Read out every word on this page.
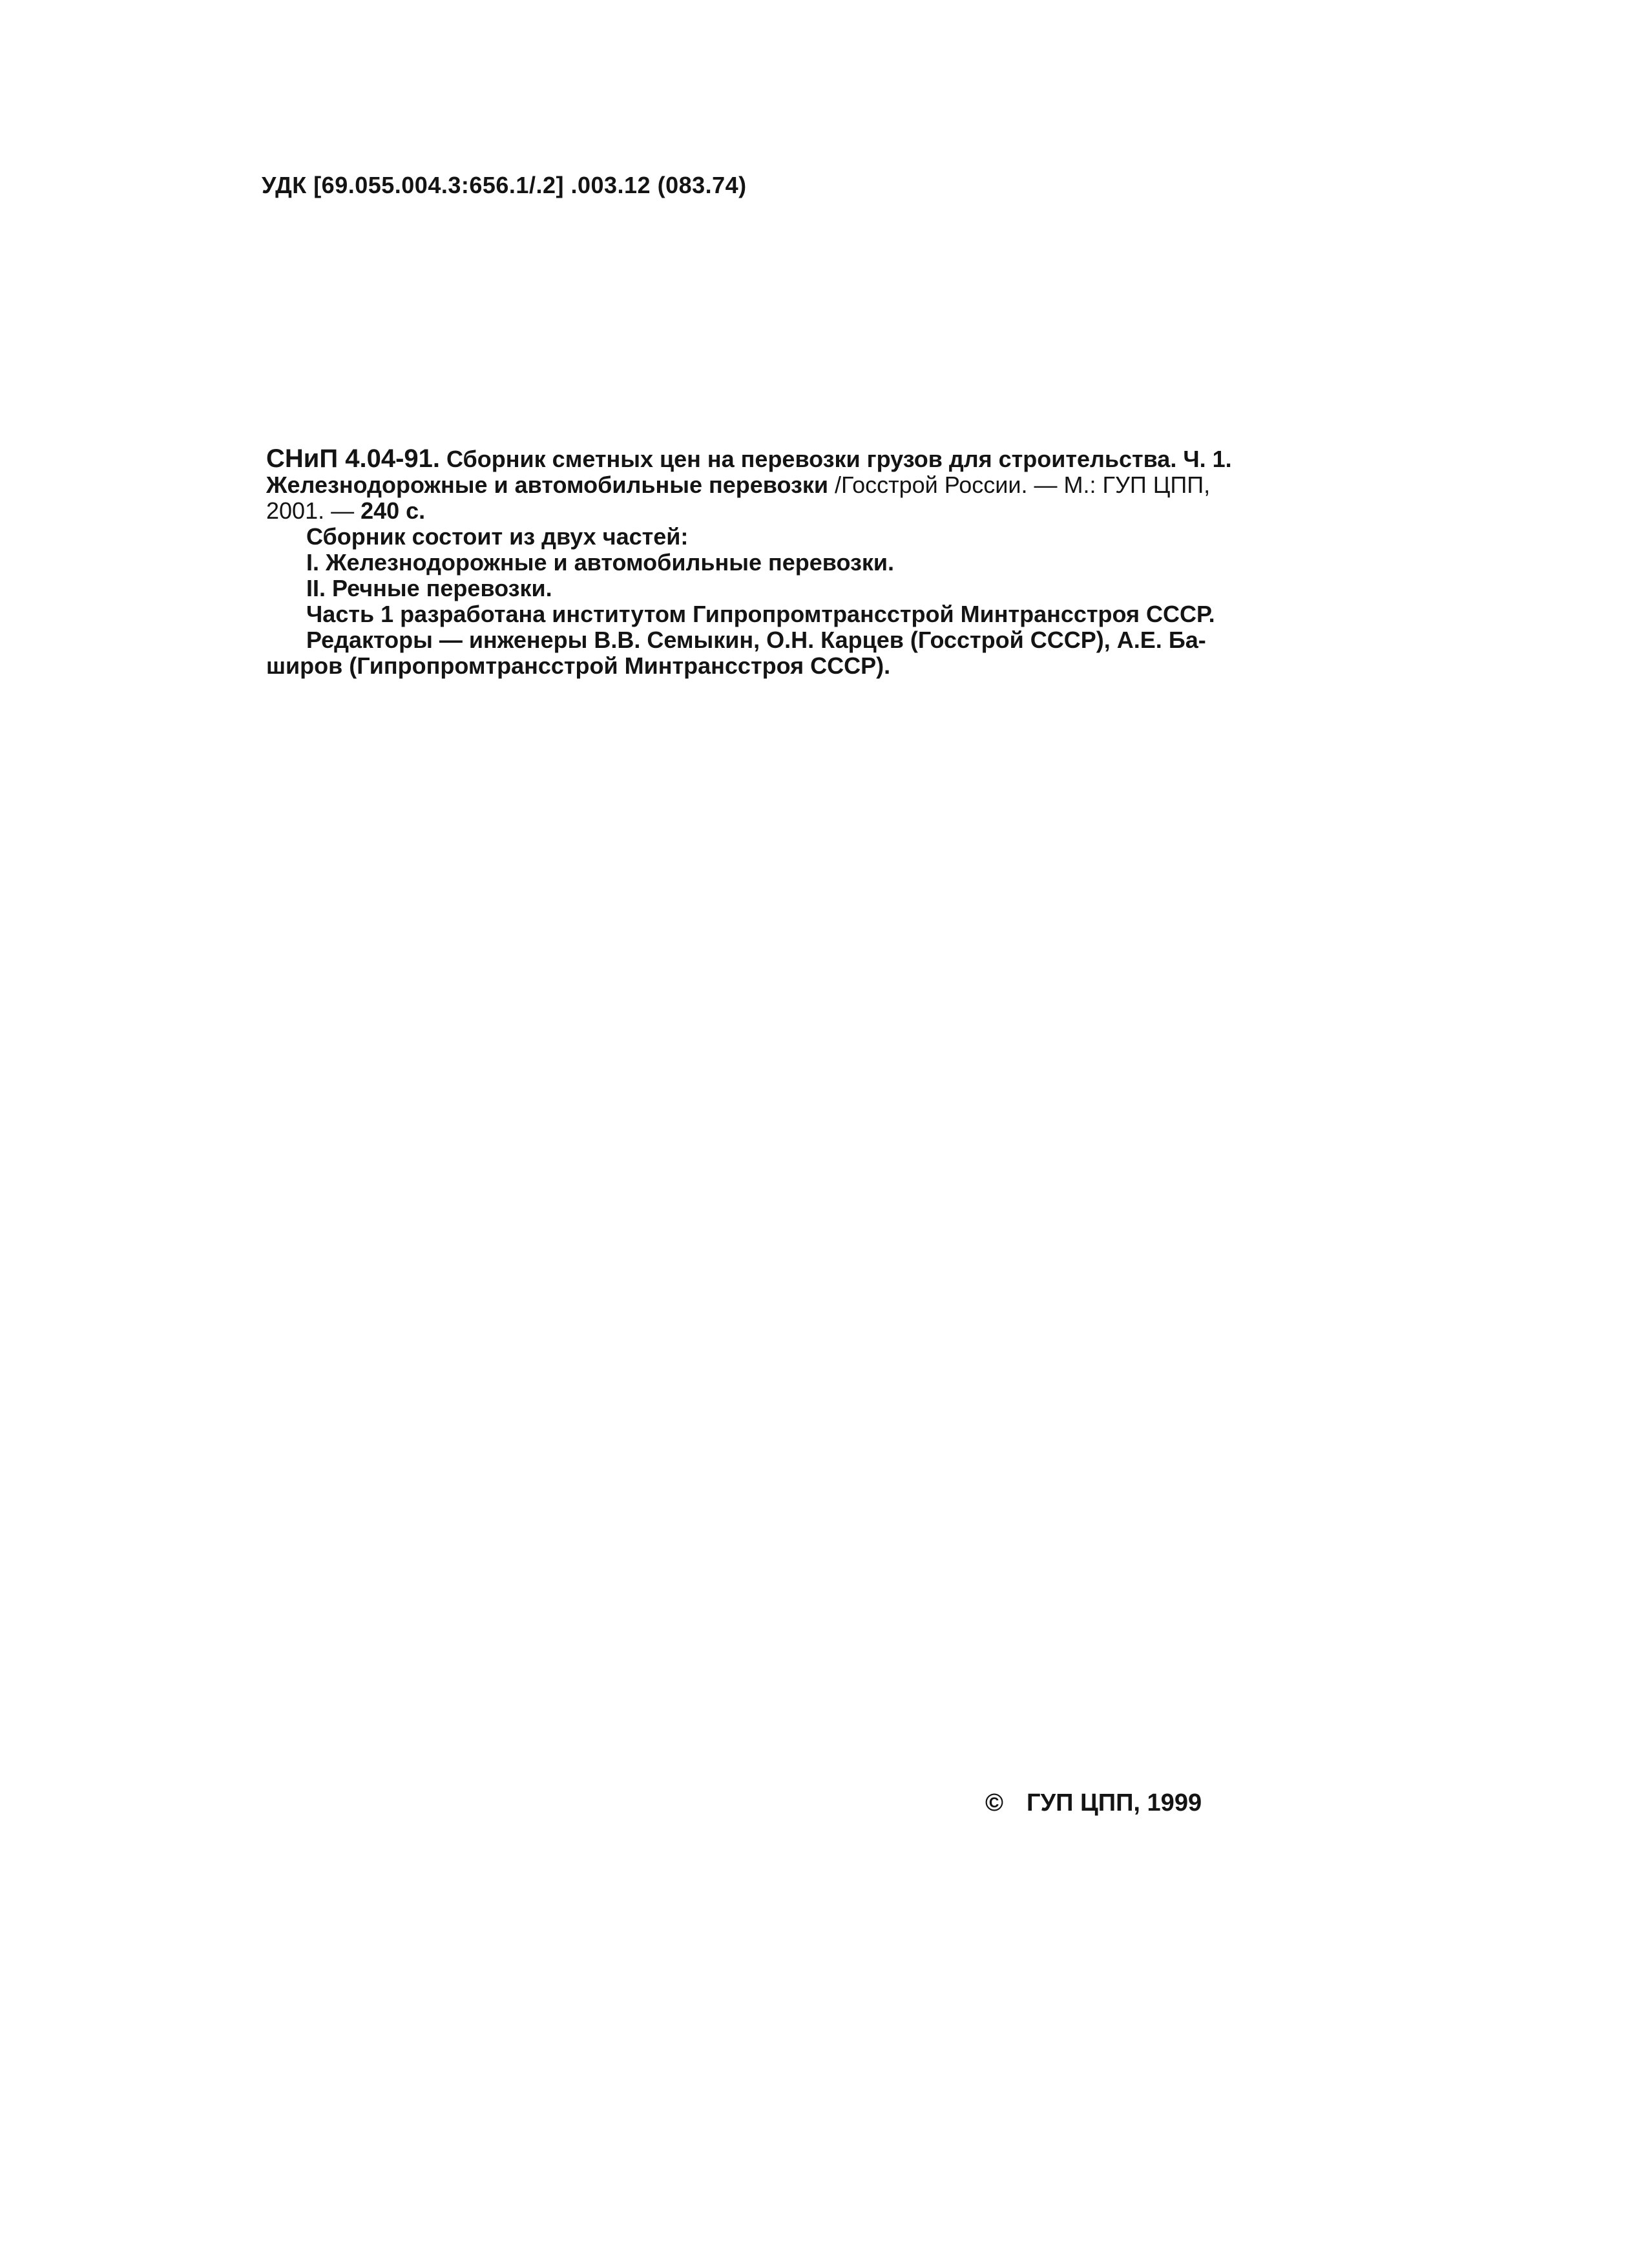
УДК [69.055.004.3:656.1/.2] .003.12 (083.74)
СНиП 4.04-91. Сборник сметных цен на перевозки грузов для строительства. Ч. 1.
Железнодорожные и автомобильные перевозки /Госстрой России. — М.: ГУП ЦПП,
2001. — 240 с.
Сборник состоит из двух частей:
I. Железнодорожные и автомобильные перевозки.
II. Речные перевозки.
Часть 1 разработана институтом Гипропромтрансстрой Минтрансстроя СССР.
Редакторы — инженеры В.В. Семыкин, О.Н. Карцев (Госстрой СССР), А.Е. Ба-
широв (Гипропромтрансстрой Минтрансстроя СССР).
© ГУП ЦПП, 1999
